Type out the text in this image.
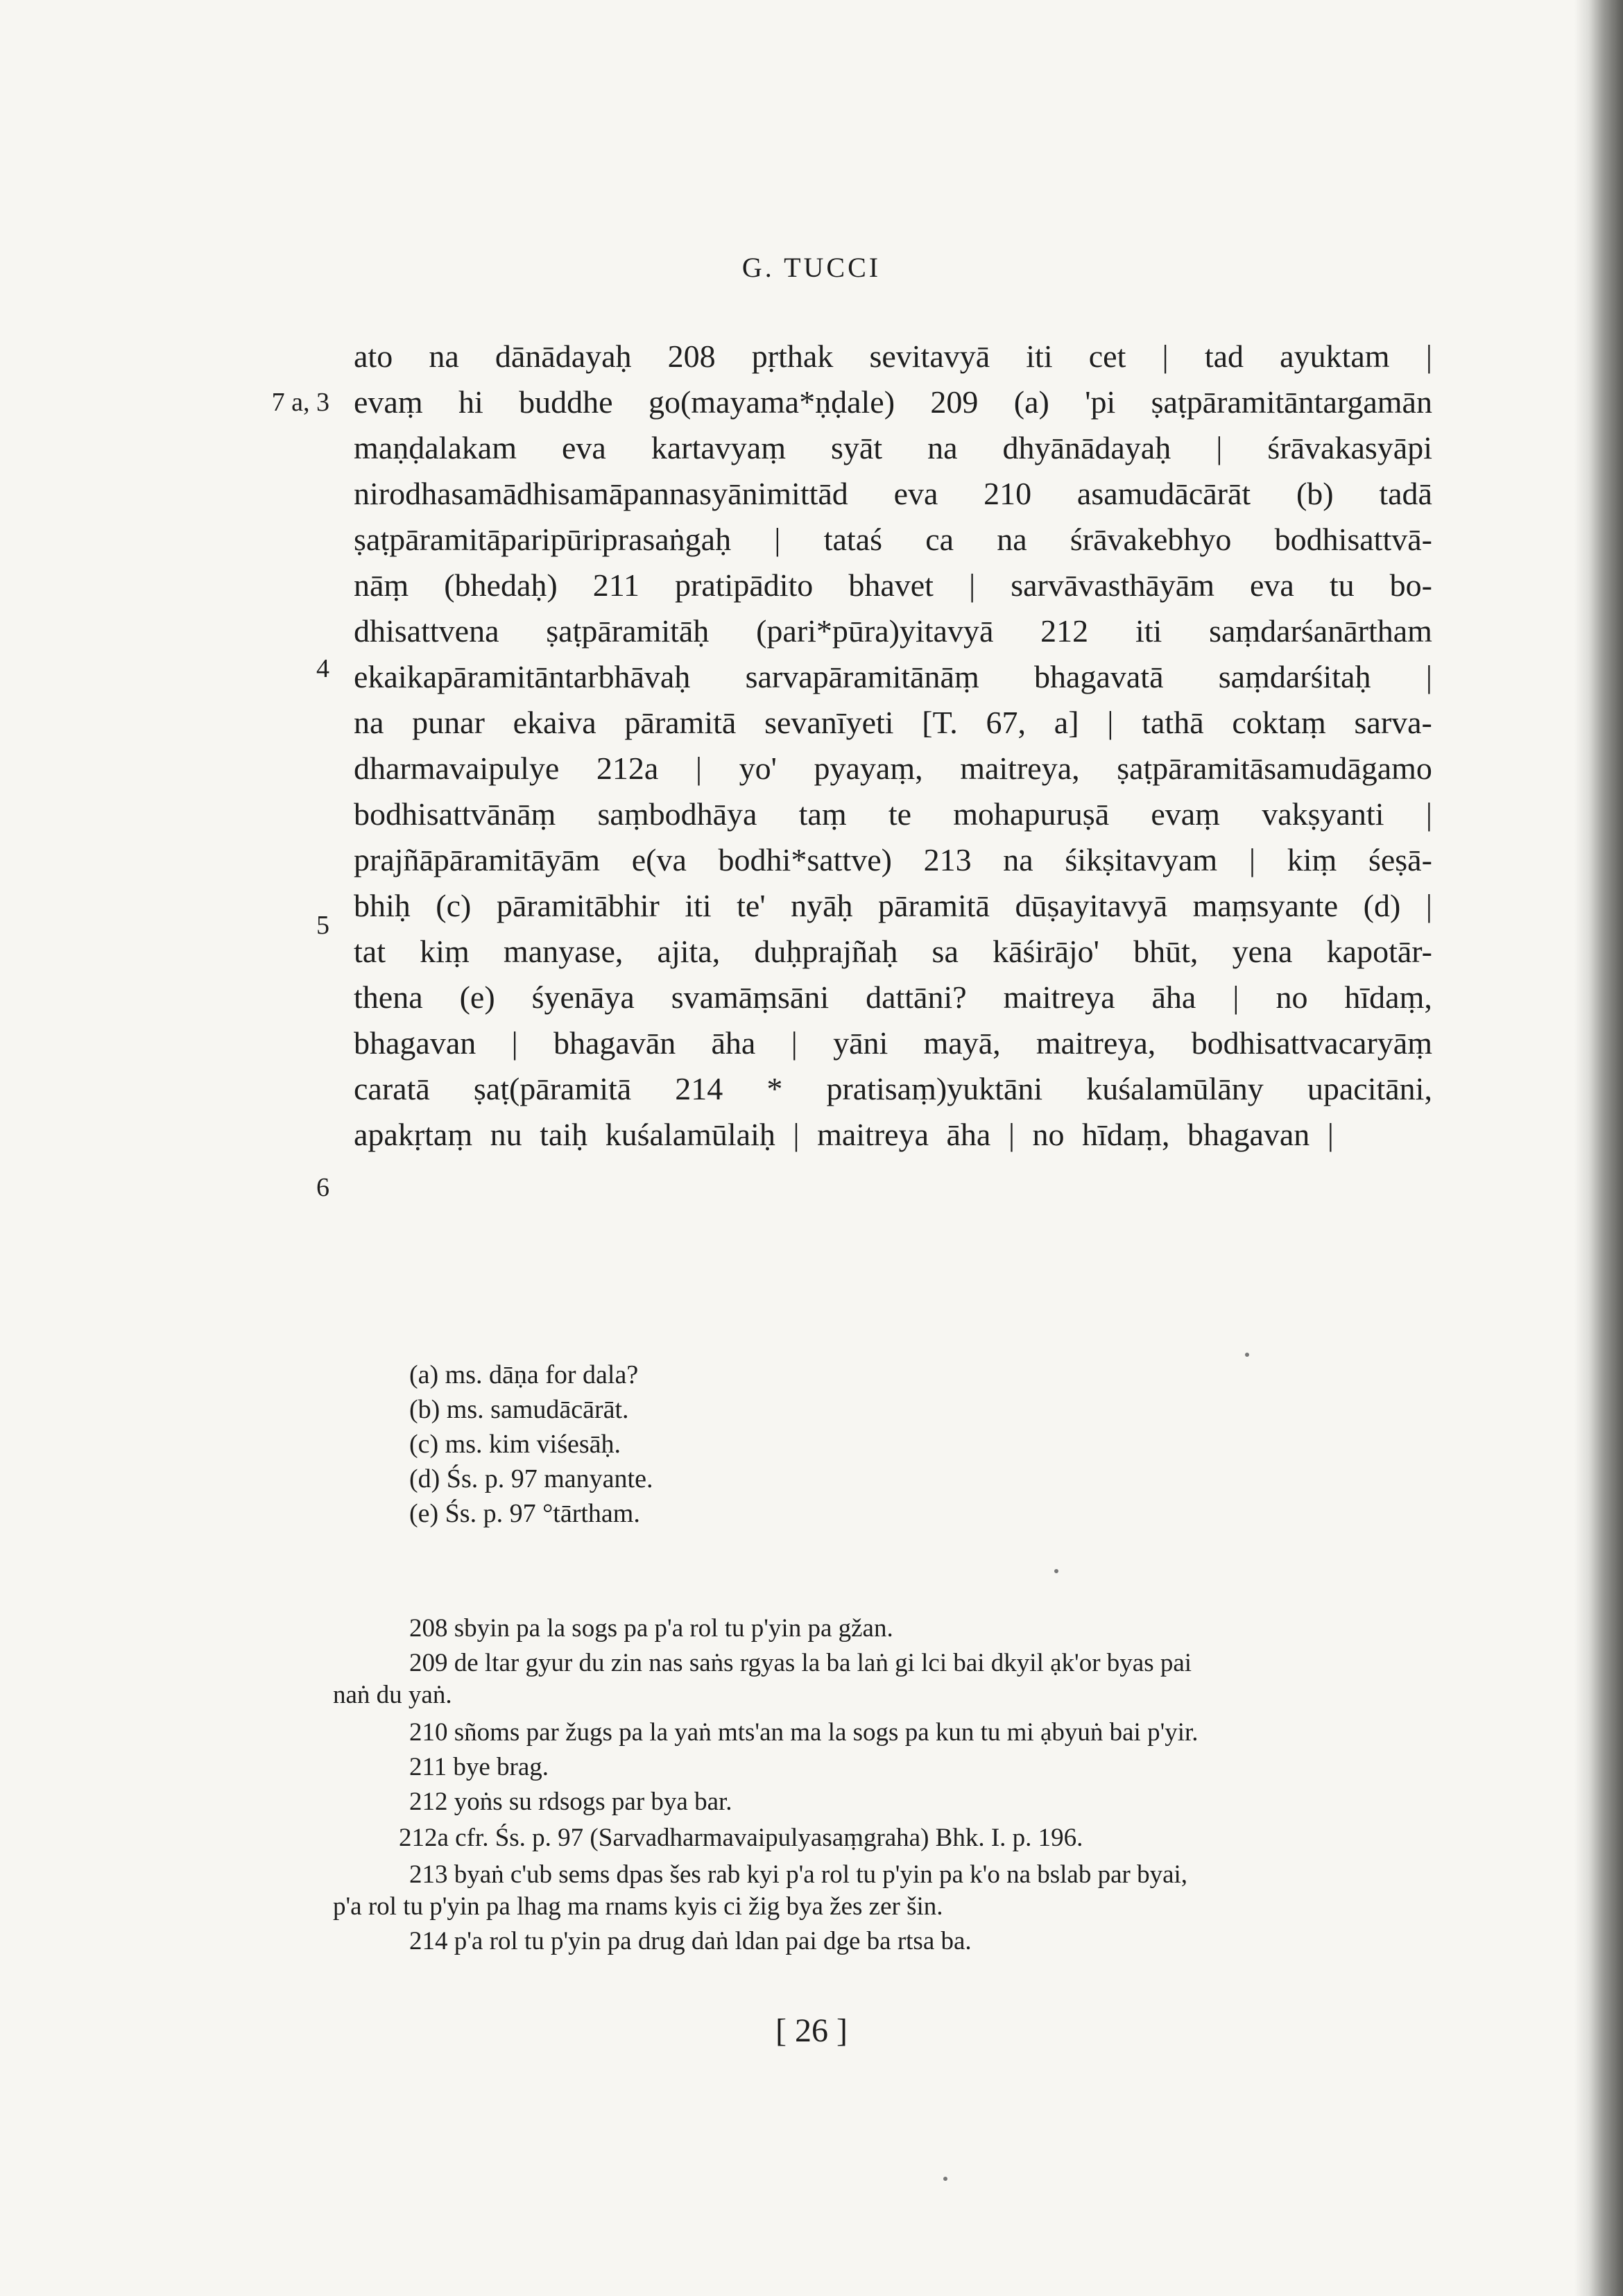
G. TUCCI
7 a, 3
4
5
6
ato na dānādayaḥ 208 pṛthak sevitavyā iti cet | tad ayuktam |
evaṃ hi buddhe go(mayama*ṇḍale) 209 (a) 'pi ṣaṭpāramitāntargamān
maṇḍalakam eva kartavyaṃ syāt na dhyānādayaḥ | śrāvakasyāpi
nirodhasamādhisamāpannasyānimittād eva 210 asamudācārāt (b) tadā
ṣaṭpāramitāparipūriprasaṅgaḥ | tataś ca na śrāvakebhyo bodhisattvā-
nāṃ (bhedaḥ) 211 pratipādito bhavet | sarvāvasthāyām eva tu bo-
dhisattvena ṣaṭpāramitāḥ (pari*pūra)yitavyā 212 iti saṃdarśanārtham
ekaikapāramitāntarbhāvaḥ sarvapāramitānāṃ bhagavatā saṃdarśitaḥ |
na punar ekaiva pāramitā sevanīyeti [T. 67, a] | tathā coktaṃ sarva-
dharmavaipulye 212a | yo' pyayaṃ, maitreya, ṣaṭpāramitāsamudāgamo
bodhisattvānāṃ saṃbodhāya taṃ te mohapuruṣā evaṃ vakṣyanti |
prajñāpāramitāyām e(va bodhi*sattve) 213 na śikṣitavyam | kiṃ śeṣā-
bhiḥ (c) pāramitābhir iti te' nyāḥ pāramitā dūṣayitavyā maṃsyante (d) |
tat kiṃ manyase, ajita, duḥprajñaḥ sa kāśirājo' bhūt, yena kapotār-
thena (e) śyenāya svamāṃsāni dattāni? maitreya āha | no hīdaṃ,
bhagavan | bhagavān āha | yāni mayā, maitreya, bodhisattvacaryāṃ
caratā ṣaṭ(pāramitā 214 * pratisaṃ)yuktāni kuśalamūlāny upacitāni,
apakṛtaṃ nu taiḥ kuśalamūlaiḥ | maitreya āha | no hīdaṃ, bhagavan |
(a) ms. dāṇa for dala?
(b) ms. samudācārāt.
(c) ms. kim viśesāḥ.
(d) Śs. p. 97 manyante.
(e) Śs. p. 97 °tārtham.
208 sbyin pa la sogs pa p'a rol tu p'yin pa gžan.
209 de ltar gyur du zin nas saṅs rgyas la ba laṅ gi lci bai dkyil ạk'or byas pai
naṅ du yaṅ.
210 sñoms par žugs pa la yaṅ mts'an ma la sogs pa kun tu mi ạbyuṅ bai p'yir.
211 bye brag.
212 yoṅs su rdsogs par bya bar.
212a cfr. Śs. p. 97 (Sarvadharmavaipulyasaṃgraha) Bhk. I. p. 196.
213 byaṅ c'ub sems dpas šes rab kyi p'a rol tu p'yin pa k'o na bslab par byai,
p'a rol tu p'yin pa lhag ma rnams kyis ci žig bya žes zer šin.
214 p'a rol tu p'yin pa drug daṅ ldan pai dge ba rtsa ba.
[ 26 ]
